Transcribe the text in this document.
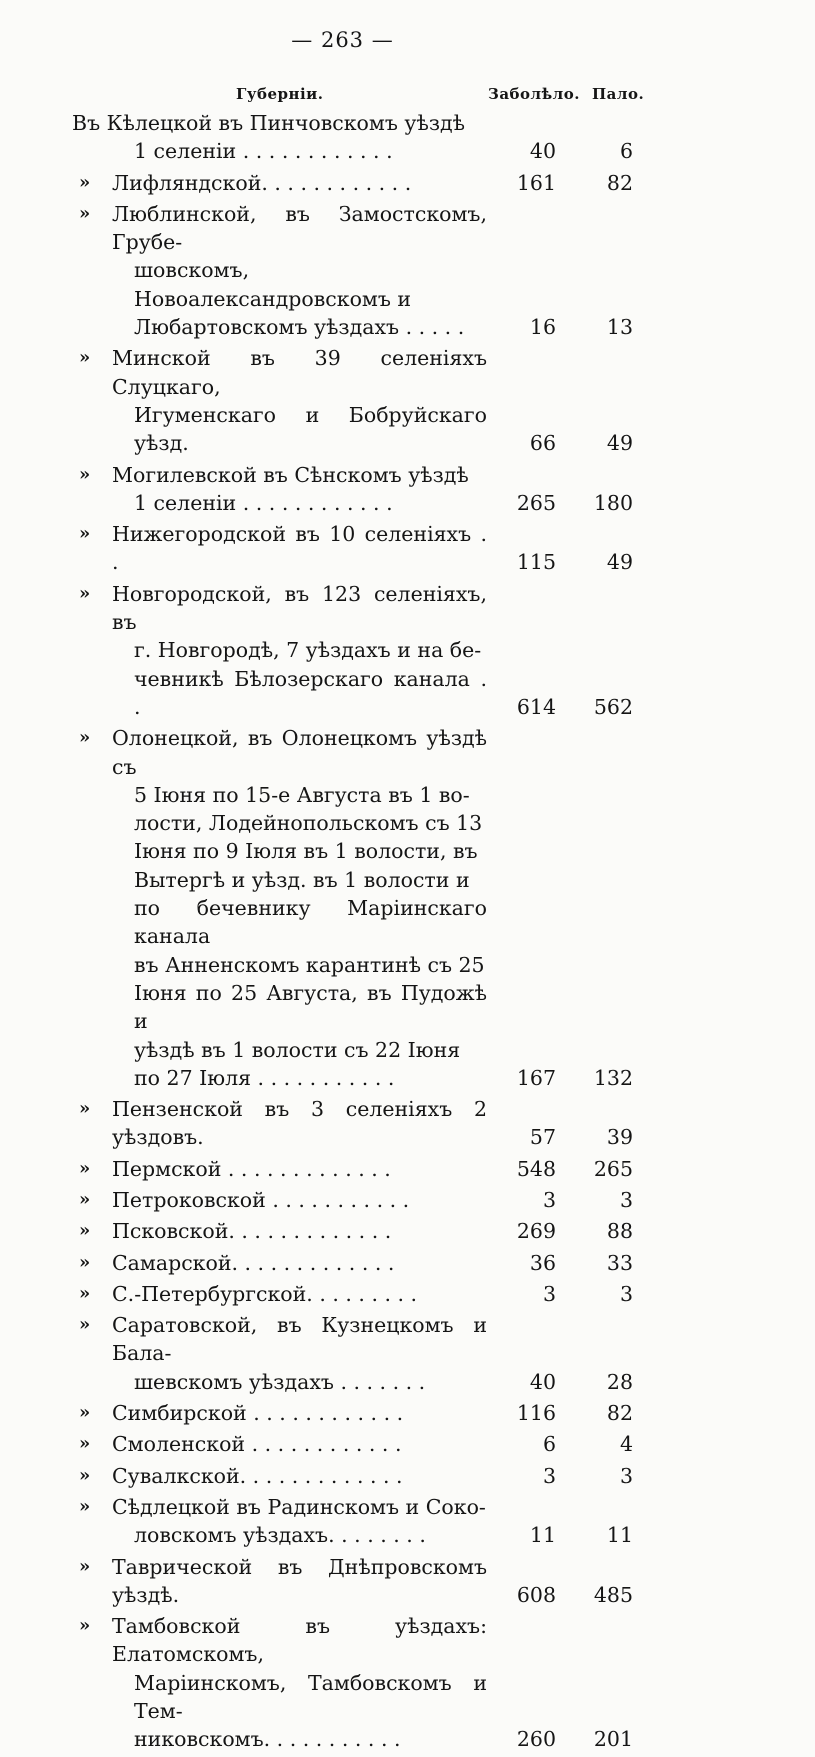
— 263 —
Губерніи.	Заболѣло. Пало.
Въ Кѣлецкой въ Пинчовскомъ уѣздѣ
1 селеніи . . . . . . . . . . . .	40	6
» Лифляндской. . . . . . . . . . . .	161	82
» Люблинской, въ Замостскомъ, Грубе-
шовскомъ, Новоалександровскомъ и
Любартовскомъ уѣздахъ . . . . .	16	13
» Минской въ 39 селеніяхъ Слуцкаго,
Игуменскаго и Бобруйскаго уѣзд.	66	49
» Могилевской въ Сѣнскомъ уѣздѣ
1 селеніи . . . . . . . . . . . .	265	180
» Нижегородской въ 10 селеніяхъ . .	115	49
» Новгородской, въ 123 селеніяхъ, въ
г. Новгородѣ, 7 уѣздахъ и на бе-
чевникѣ Бѣлозерскаго канала . .	614	562
» Олонецкой, въ Олонецкомъ уѣздѣ съ
5 Іюня по 15-е Августа въ 1 во-
лости, Лодейнопольскомъ съ 13
Іюня по 9 Іюля въ 1 волости, въ
Вытергѣ и уѣзд. въ 1 волости и
по бечевнику Маріинскаго канала
въ Анненскомъ карантинѣ съ 25
Іюня по 25 Августа, въ Пудожѣ и
уѣздѣ въ 1 волости съ 22 Іюня
по 27 Іюля . . . . . . . . . . .	167	132
» Пензенской въ 3 селеніяхъ 2 уѣздовъ.	57	39
» Пермской . . . . . . . . . . . . .	548	265
» Петроковской . . . . . . . . . . .	3	3
» Псковской. . . . . . . . . . . . .	269	88
» Самарской. . . . . . . . . . . . .	36	33
» С.-Петербургской. . . . . . . . .	3	3
» Саратовской, въ Кузнецкомъ и Бала-
шевскомъ уѣздахъ . . . . . . .	40	28
» Симбирской . . . . . . . . . . . .	116	82
» Смоленской . . . . . . . . . . . .	6	4
» Сувалкской. . . . . . . . . . . . .	3	3
» Сѣдлецкой въ Радинскомъ и Соко-
ловскомъ уѣздахъ. . . . . . . .	11	11
» Таврической въ Днѣпровскомъ уѣздѣ.	608	485
» Тамбовской въ уѣздахъ: Елатомскомъ,
Маріинскомъ, Тамбовскомъ и Тем-
никовскомъ. . . . . . . . . . .	260	201
